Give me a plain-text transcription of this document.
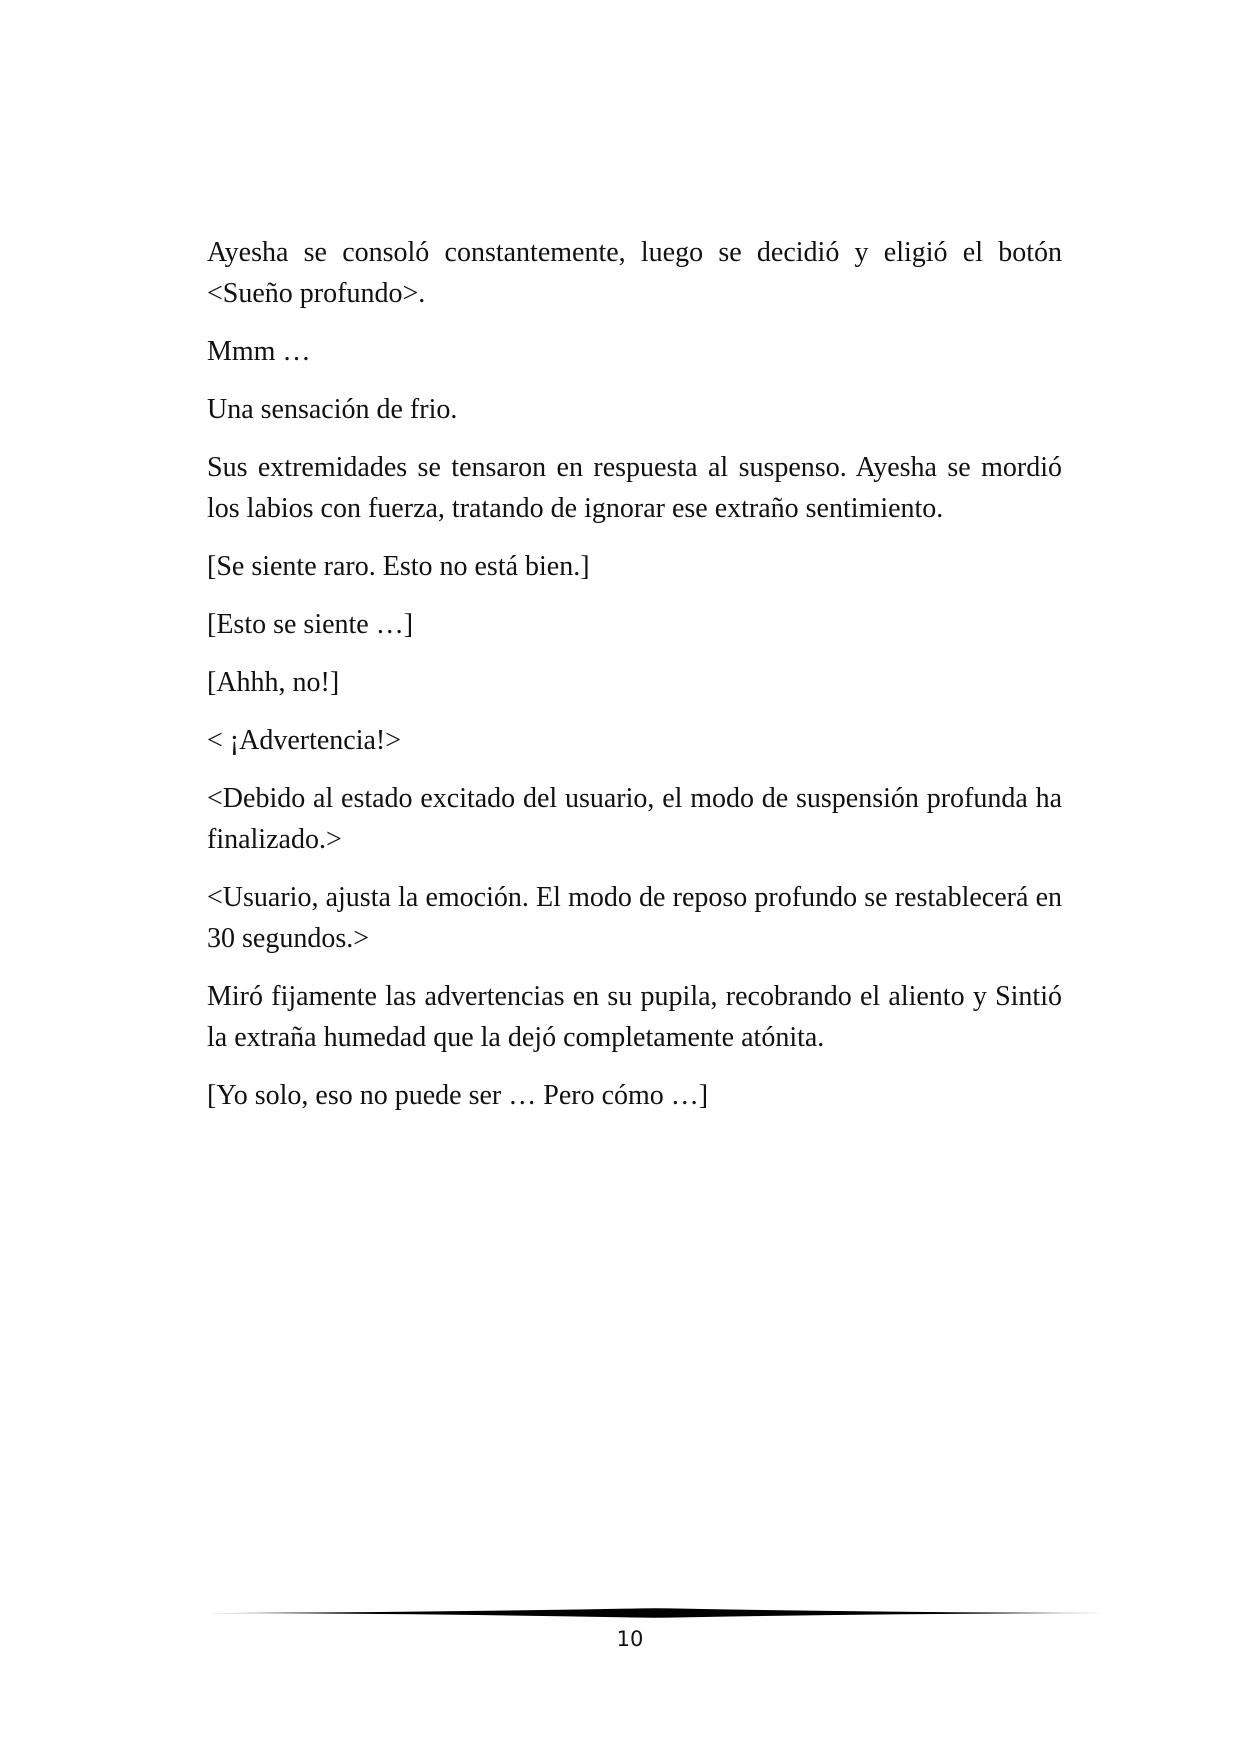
Ayesha se consoló constantemente, luego se decidió y eligió el botón <Sueño profundo>.

Mmm …

Una sensación de frio.

Sus extremidades se tensaron en respuesta al suspenso. Ayesha se mordió los labios con fuerza, tratando de ignorar ese extraño sentimiento.

[Se siente raro. Esto no está bien.]

[Esto se siente …]

[Ahhh, no!]

< ¡Advertencia!>

<Debido al estado excitado del usuario, el modo de suspensión profunda ha finalizado.>

<Usuario, ajusta la emoción. El modo de reposo profundo se restablecerá en 30 segundos.>

Miró fijamente las advertencias en su pupila, recobrando el aliento y Sintió la extraña humedad que la dejó completamente atónita.

[Yo solo, eso no puede ser … Pero cómo …]

10
